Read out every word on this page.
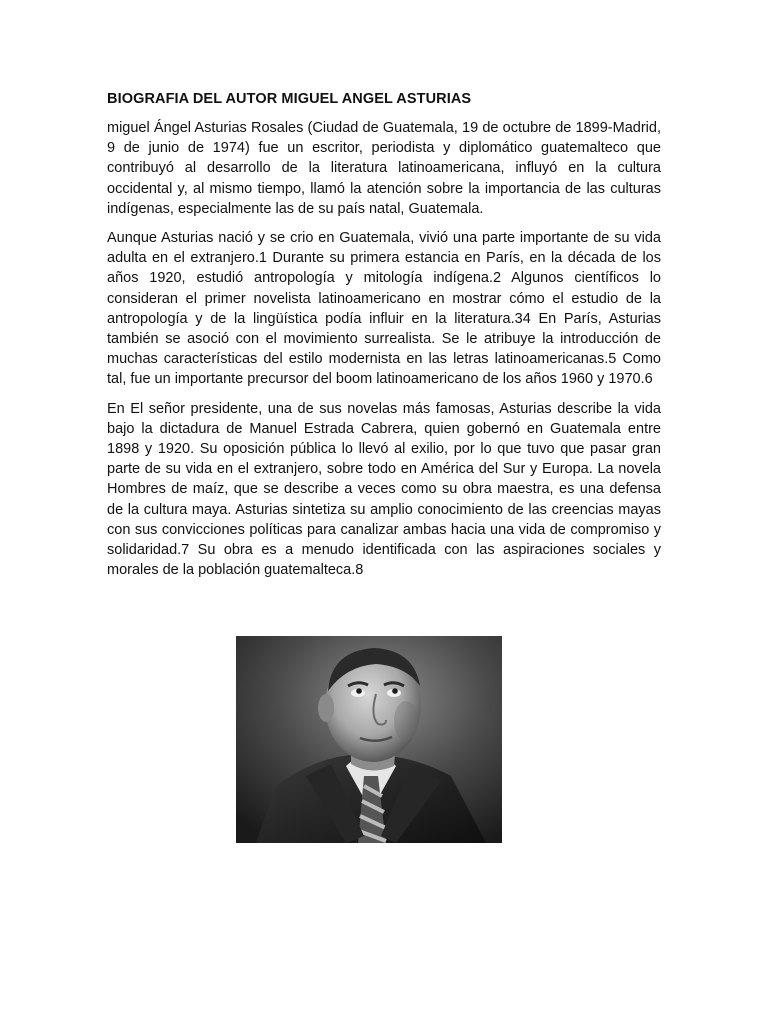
BIOGRAFIA DEL AUTOR MIGUEL ANGEL ASTURIAS

miguel Ángel Asturias Rosales (Ciudad de Guatemala, 19 de octubre de 1899-Madrid, 9 de junio de 1974) fue un escritor, periodista y diplomático guatemalteco que contribuyó al desarrollo de la literatura latinoamericana, influyó en la cultura occidental y, al mismo tiempo, llamó la atención sobre la importancia de las culturas indígenas, especialmente las de su país natal, Guatemala.

Aunque Asturias nació y se crio en Guatemala, vivió una parte importante de su vida adulta en el extranjero.1 Durante su primera estancia en París, en la década de los años 1920, estudió antropología y mitología indígena.2 Algunos científicos lo consideran el primer novelista latinoamericano en mostrar cómo el estudio de la antropología y de la lingüística podía influir en la literatura.34 En París, Asturias también se asoció con el movimiento surrealista. Se le atribuye la introducción de muchas características del estilo modernista en las letras latinoamericanas.5 Como tal, fue un importante precursor del boom latinoamericano de los años 1960 y 1970.6

En El señor presidente, una de sus novelas más famosas, Asturias describe la vida bajo la dictadura de Manuel Estrada Cabrera, quien gobernó en Guatemala entre 1898 y 1920. Su oposición pública lo llevó al exilio, por lo que tuvo que pasar gran parte de su vida en el extranjero, sobre todo en América del Sur y Europa. La novela Hombres de maíz, que se describe a veces como su obra maestra, es una defensa de la cultura maya. Asturias sintetiza su amplio conocimiento de las creencias mayas con sus convicciones políticas para canalizar ambas hacia una vida de compromiso y solidaridad.7 Su obra es a menudo identificada con las aspiraciones sociales y morales de la población guatemalteca.8
